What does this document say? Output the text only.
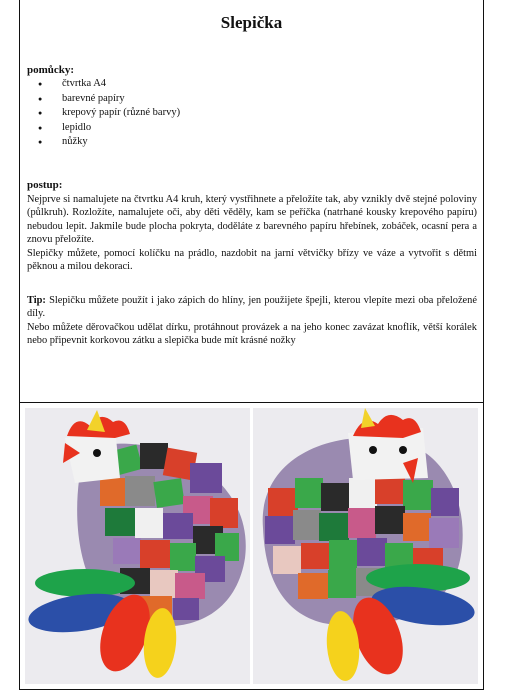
Slepička
pomůcky:
● čtvrtka A4
● barevné papíry
● krepový papír (různé barvy)
● lepidlo
● nůžky
postup:

Nejprve si namalujete na čtvrtku A4 kruh, který vystřihnete a přeložíte tak, aby vznikly dvě stejné poloviny (půlkruh). Rozložíte, namalujete oči, aby děti věděly, kam se peříčka (natrhané kousky krepového papíru) nebudou lepit. Jakmile bude plocha pokryta, doděláte z barevného papíru hřebínek, zobáček, ocasní pera a znovu přeložíte.

Slepičky můžete, pomocí kolíčku na prádlo, nazdobit na jarní větvičky břízy ve váze a vytvořit s dětmi pěknou a milou dekoraci.

Tip: Slepičku můžete použít i jako zápich do hlíny, jen použijete špejli, kterou vlepíte mezi oba přeložené díly.

Nebo můžete děrovačkou udělat dírku, protáhnout provázek a na jeho konec zavázat knoflík, větší korálek nebo připevnit korkovou zátku a slepička bude mít krásné nožky
